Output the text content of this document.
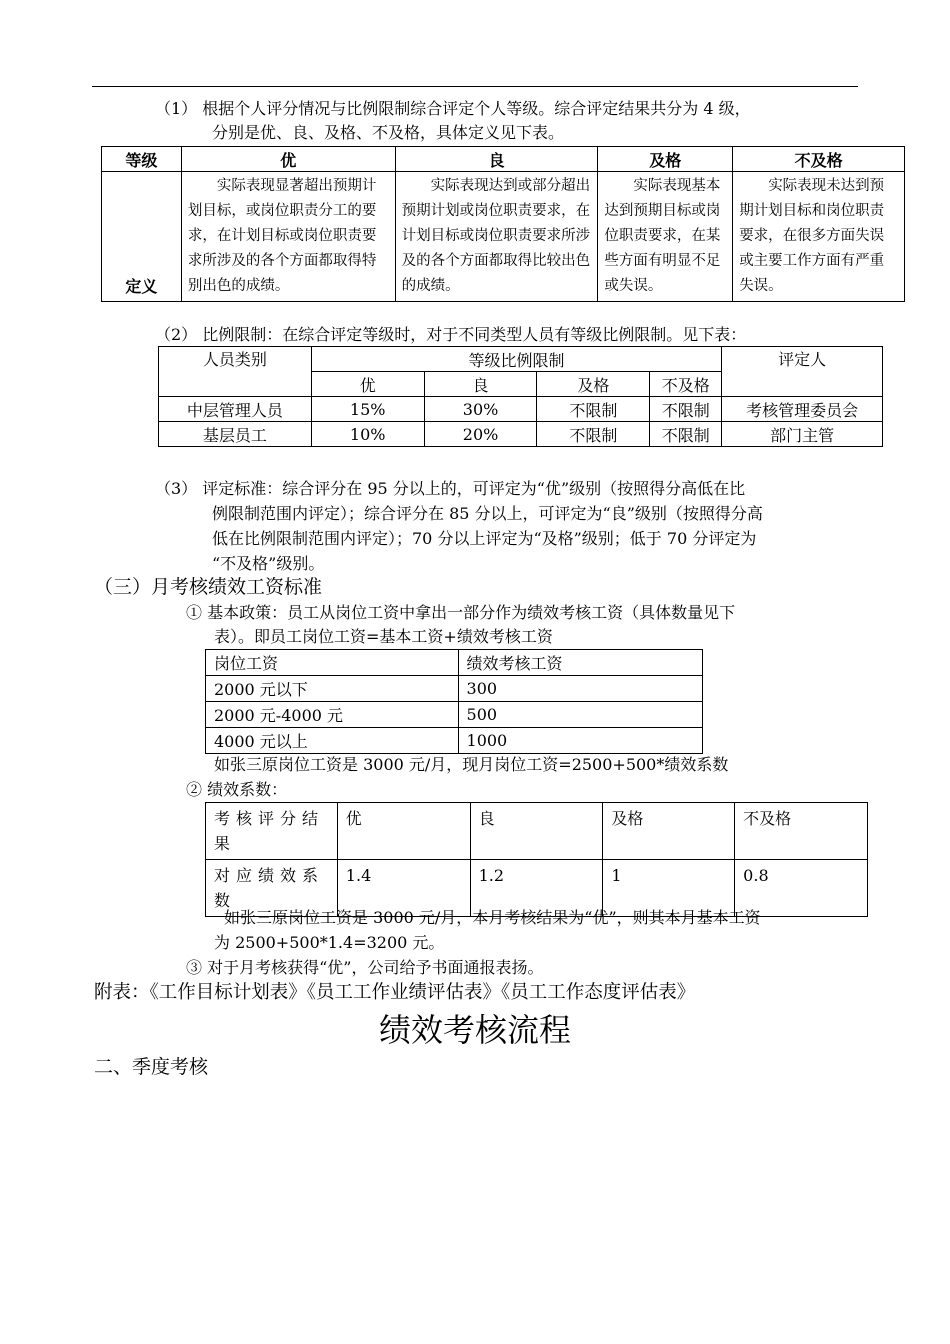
（1） 根据个人评分情况与比例限制综合评定个人等级。综合评定结果共分为 4 级，
分别是优、良、及格、不及格，具体定义见下表。
等级	优	良	及格	不及格
定义	实际表现显著超出预期计划目标，或岗位职责分工的要求，在计划目标或岗位职责要求所涉及的各个方面都取得特别出色的成绩。	实际表现达到或部分超出预期计划或岗位职责要求，在计划目标或岗位职责要求所涉及的各个方面都取得比较出色的成绩。	实际表现基本达到预期目标或岗位职责要求，在某些方面有明显不足或失误。	实际表现未达到预期计划目标和岗位职责要求，在很多方面失误或主要工作方面有严重失误。
（2） 比例限制：在综合评定等级时，对于不同类型人员有等级比例限制。见下表：
人员类别	等级比例限制				评定人
	优	良	及格	不及格	
中层管理人员	15%	30%	不限制	不限制	考核管理委员会
基层员工	10%	20%	不限制	不限制	部门主管
（3） 评定标准：综合评分在 95 分以上的，可评定为“优”级别（按照得分高低在比
例限制范围内评定）；综合评分在 85 分以上，可评定为“良”级别（按照得分高
低在比例限制范围内评定）；70 分以上评定为“及格”级别；低于 70 分评定为
“不及格”级别。
（三）月考核绩效工资标准
① 基本政策：员工从岗位工资中拿出一部分作为绩效考核工资（具体数量见下
表）。即员工岗位工资=基本工资+绩效考核工资
岗位工资	绩效考核工资
2000 元以下	300
2000 元-4000 元	500
4000 元以上	1000
如张三原岗位工资是 3000 元/月，现月岗位工资=2500+500*绩效系数
② 绩效系数：
考核评分结果	优	良	及格	不及格
对应绩效系数	1.4	1.2	1	0.8
如张三原岗位工资是 3000 元/月，本月考核结果为“优”，则其本月基本工资
为 2500+500*1.4=3200 元。
③ 对于月考核获得“优”，公司给予书面通报表扬。
附表：《工作目标计划表》《员工工作业绩评估表》《员工工作态度评估表》
绩效考核流程
二、季度考核
